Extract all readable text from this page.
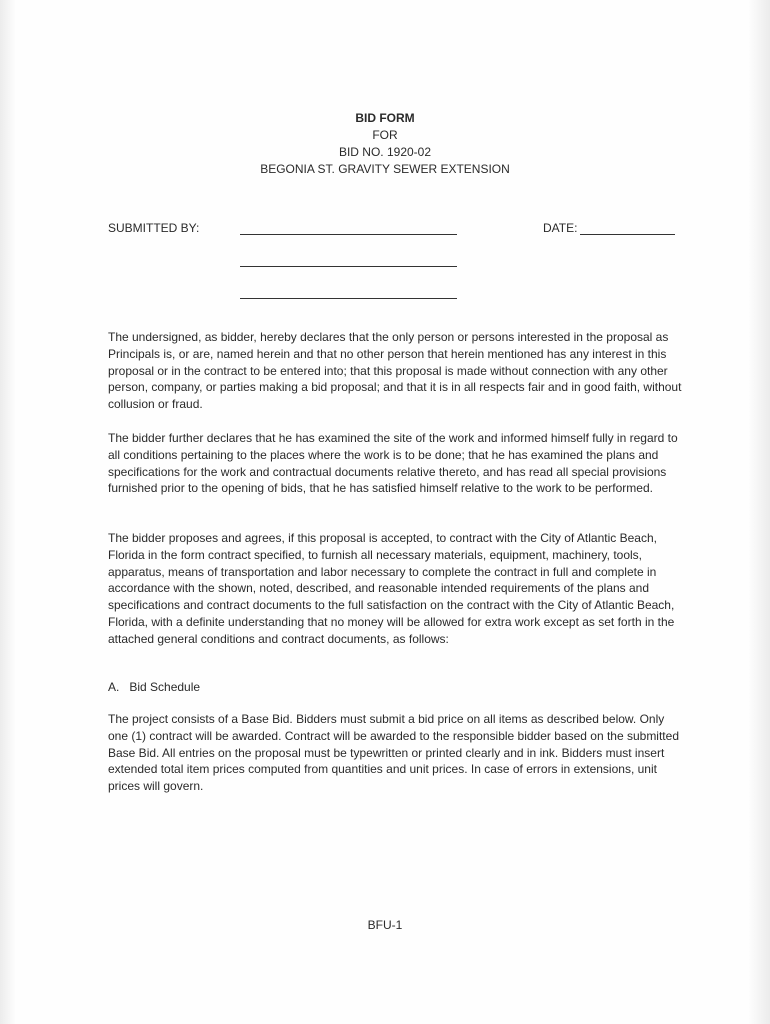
BID FORM
FOR
BID NO. 1920-02
BEGONIA ST. GRAVITY SEWER EXTENSION
SUBMITTED BY:	DATE:

The undersigned, as bidder, hereby declares that the only person or persons interested in the proposal as Principals is, or are, named herein and that no other person that herein mentioned has any interest in this proposal or in the contract to be entered into; that this proposal is made without connection with any other person, company, or parties making a bid proposal; and that it is in all respects fair and in good faith, without collusion or fraud.

The bidder further declares that he has examined the site of the work and informed himself fully in regard to all conditions pertaining to the places where the work is to be done; that he has examined the plans and specifications for the work and contractual documents relative thereto, and has read all special provisions furnished prior to the opening of bids, that he has satisfied himself relative to the work to be performed.

The bidder proposes and agrees, if this proposal is accepted, to contract with the City of Atlantic Beach, Florida in the form contract specified, to furnish all necessary materials, equipment, machinery, tools, apparatus, means of transportation and labor necessary to complete the contract in full and complete in accordance with the shown, noted, described, and reasonable intended requirements of the plans and specifications and contract documents to the full satisfaction on the contract with the City of Atlantic Beach, Florida, with a definite understanding that no money will be allowed for extra work except as set forth in the attached general conditions and contract documents, as follows:

A.   Bid Schedule

The project consists of a Base Bid. Bidders must submit a bid price on all items as described below. Only one (1) contract will be awarded. Contract will be awarded to the responsible bidder based on the submitted Base Bid. All entries on the proposal must be typewritten or printed clearly and in ink. Bidders must insert extended total item prices computed from quantities and unit prices. In case of errors in extensions, unit prices will govern.

BFU-1
